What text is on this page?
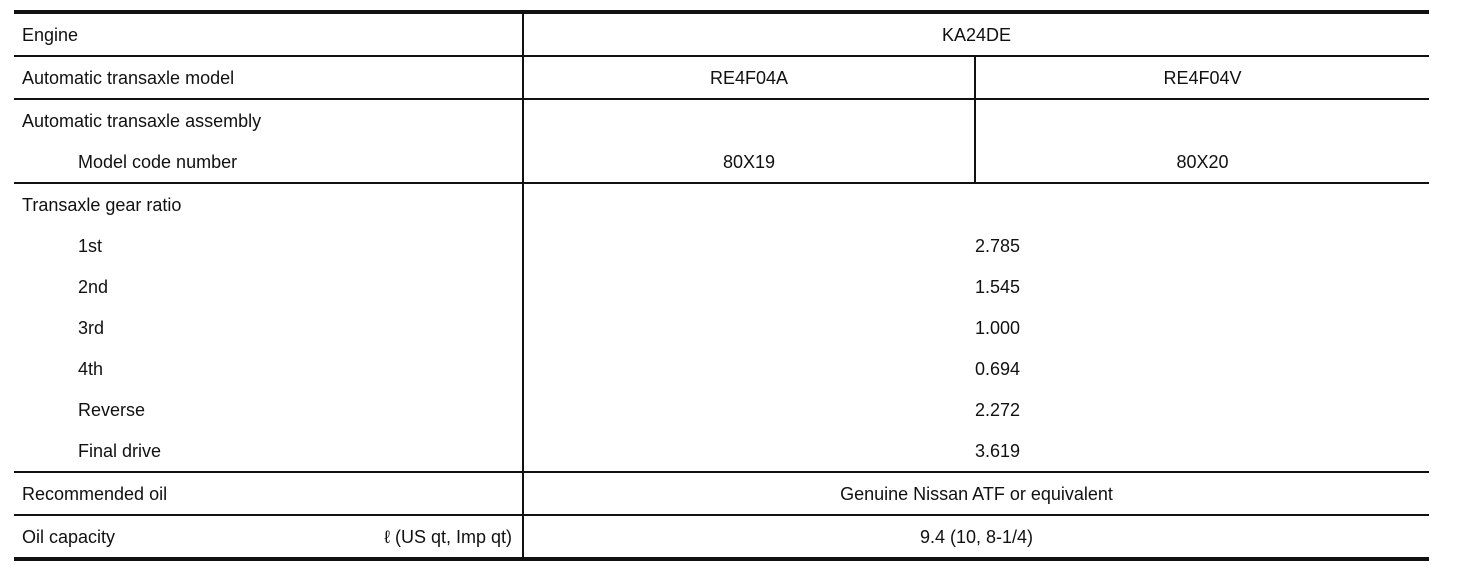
Engine	KA24DE	
Automatic transaxle model	RE4F04A	RE4F04V
Automatic transaxle assembly		
Model code number	80X19	80X20
Transaxle gear ratio		
1st	2.785	
2nd	1.545	
3rd	1.000	
4th	0.694	
Reverse	2.272	
Final drive	3.619	
Recommended oil	Genuine Nissan ATF or equivalent	

Oil capacity ℓ (US qt, Imp qt)	9.4 (10, 8-1/4)	
